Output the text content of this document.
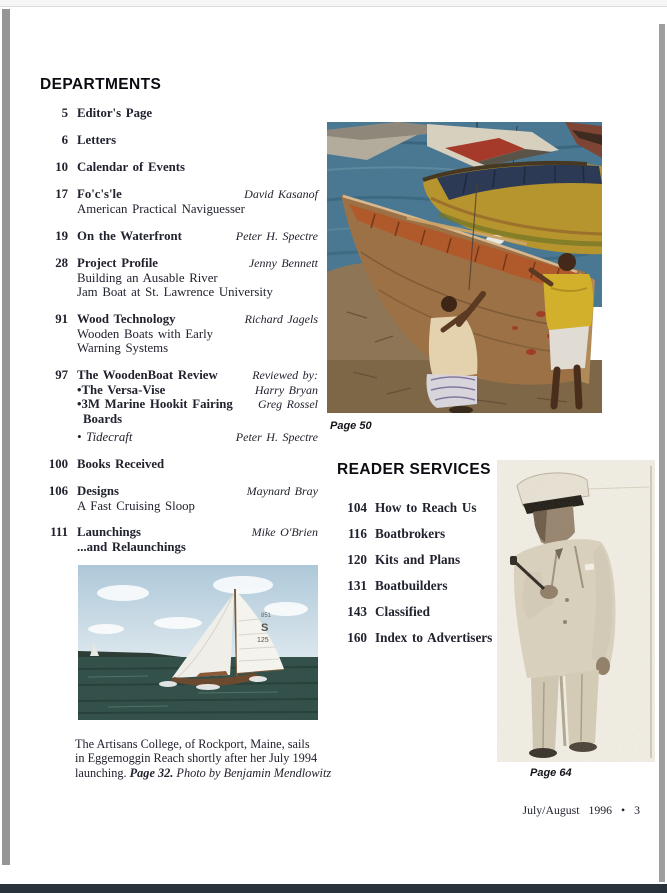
DEPARTMENTS
READER SERVICES
5 Editor's Page
6 Letters
10 Calendar of Events
17 Fo'c's'le	David Kasanof
American Practical Naviguesser
19 On the Waterfront	Peter H. Spectre
28 Project Profile	Jenny Bennett
Building an Ausable River
Jam Boat at St. Lawrence University
91 Wood Technology	Richard Jagels
Wooden Boats with Early
Warning Systems
97 The WoodenBoat Review	Reviewed by:
•The Versa-Vise	Harry Bryan
•3M Marine Hookit Fairing	Greg Rossel
Boards
• Tidecraft	Peter H. Spectre
100 Books Received
106 Designs	Maynard Bray
A Fast Cruising Sloop
111 Launchings	Mike O'Brien
...and Relaunchings
104 How to Reach Us
116 Boatbrokers
120 Kits and Plans
131 Boatbuilders
143 Classified
160 Index to Advertisers
Page 50
851
S
125
The Artisans College, of Rockport, Maine, sails
in Eggemoggin Reach shortly after her July 1994
launching. Page 32. Photo by Benjamin Mendlowitz	Page 64
July/August 1996 • 3
